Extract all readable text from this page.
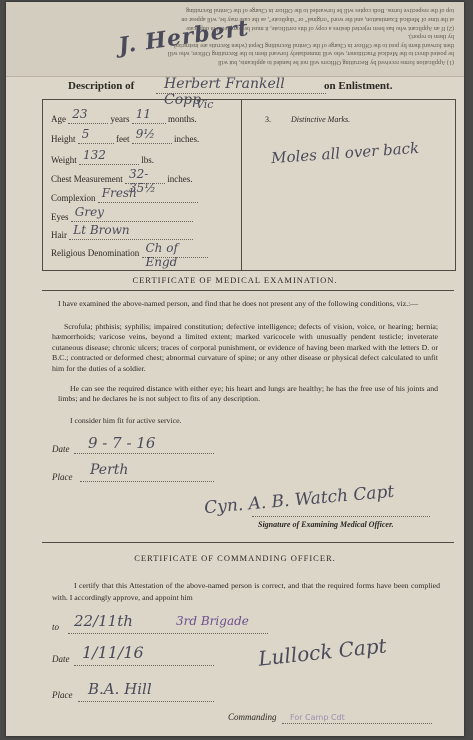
(1) Application forms received by Recruiting Officers will not be handed to applicants, but will
be posted direct to the Medical Practitioner, who will immediately forward them to the Recruiting Officer, who will
then forward them by post to the Officer in Charge of the Central Recruiting Depot (when Recruits are instructed
by them to report).
(2) If an Applicant who has been rejected desires a copy of this certificate, it must be completed in duplicate
at the time of Medical Examination, and the word "original" or "duplicate", as the case may be, will appear on
top of the respective forms. Both copies will be forwarded to the Officer in Charge of the Central Recruiting
J. Herbert
Description of Herbert Frankell Copp
on Enlistment.
Vic
Age 23	years 11 months.
Height 5	feet 9½ inches.
Weight 132	lbs.
Chest Measurement 32-35½
inches.
Complexion Fresh
Eyes Grey
Hair Lt Brown
Religious Denomination Ch of Engd
3.	Distinctive Marks.
Moles all over back
CERTIFICATE OF MEDICAL EXAMINATION.
I have examined the above-named person, and find that he does not present any of the following conditions, viz.:—
Scrofula; phthisis; syphilis; impaired constitution; defective intelligence; defects of vision, voice, or hearing; hernia; hæmorrhoids; varicose veins, beyond a limited extent; marked varicocele with unusually pendent testicle; inveterate cutaneous disease; chronic ulcers; traces of corporal punishment, or evidence of having been marked with the letters D. or B.C.; contracted or deformed chest; abnormal curvature of spine; or any other disease or physical defect calculated to unfit him for the duties of a soldier.
He can see the required distance with either eye; his heart and lungs are healthy; he has the free use of his joints and limbs; and he declares he is not subject to fits of any description.
I consider him fit for active service.
Date 9 - 7 - 16
Place Perth
Cyn. A. B. Watch Capt
Signature of Examining Medical Officer.
CERTIFICATE OF COMMANDING OFFICER.
I certify that this Attestation of the above-named person is correct, and that the required forms have been complied with. I accordingly approve, and appoint him
to 22/11th	3rd Brigade
Date 1/11/16	Lullock Capt
Place B.A. Hill
Commanding For Camp Cdt
